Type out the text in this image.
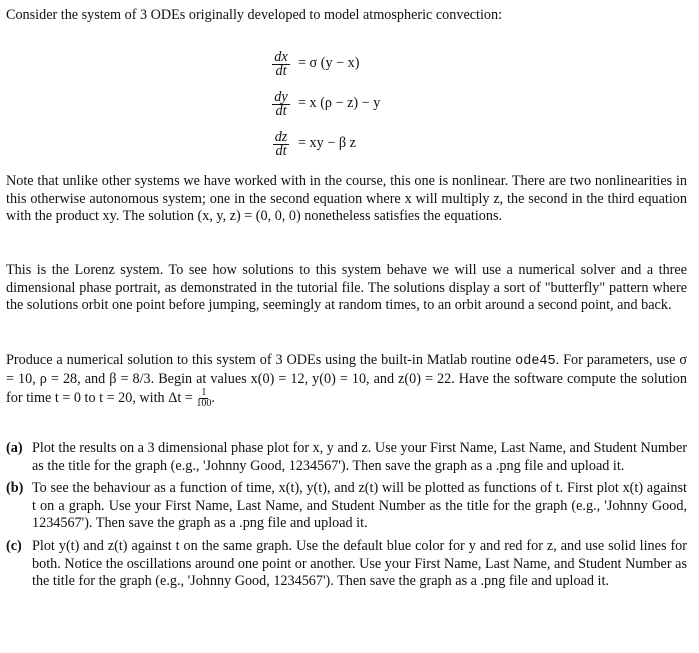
Consider the system of 3 ODEs originally developed to model atmospheric convection:

$\frac{dx}{dt} = \sigma$ (y − x)
$\frac{dy}{dt} = x$ (ρ − z) − y
$\frac{dz}{dt}$ = xy − β z

Note that unlike other systems we have worked with in the course, this one is nonlinear. There are two nonlinearities in this otherwise autonomous system; one in the second equation where x will multiply z, the second in the third equation with the product xy. The solution (x, y, z) = (0, 0, 0) nonetheless satisfies the equations.

This is the Lorenz system. To see how solutions to this system behave we will use a numerical solver and a three dimensional phase portrait, as demonstrated in the tutorial file. The solutions display a sort of "butterfly" pattern where the solutions orbit one point before jumping, seemingly at random times, to an orbit around a second point, and back.

Produce a numerical solution to this system of 3 ODEs using the built-in Matlab routine ode45. For parameters, use σ = 10, ρ = 28, and β = 8/3. Begin at values x(0) = 12, y(0) = 10, and z(0) = 22. Have the software compute the solution for time t = 0 to t = 20, with $\Delta t = \frac{1}{100}$ .

(a) Plot the results on a 3 dimensional phase plot for x, y and z. Use your First Name, Last Name, and Student Number as the title for the graph (e.g., 'Johnny Good, 1234567'). Then save the graph as a .png file and upload it.
(b) To see the behaviour as a function of time, x(t), y(t), and z(t) will be plotted as functions of t. First plot x(t) against t on a graph. Use your First Name, Last Name, and Student Number as the title for the graph (e.g., 'Johnny Good, 1234567'). Then save the graph as a .png file and upload it.
(c) Plot y(t) and z(t) against t on the same graph. Use the default blue color for y and red for z, and use solid lines for both. Notice the oscillations around one point or another. Use your First Name, Last Name, and Student Number as the title for the graph (e.g., 'Johnny Good, 1234567'). Then save the graph as a .png file and upload it.
